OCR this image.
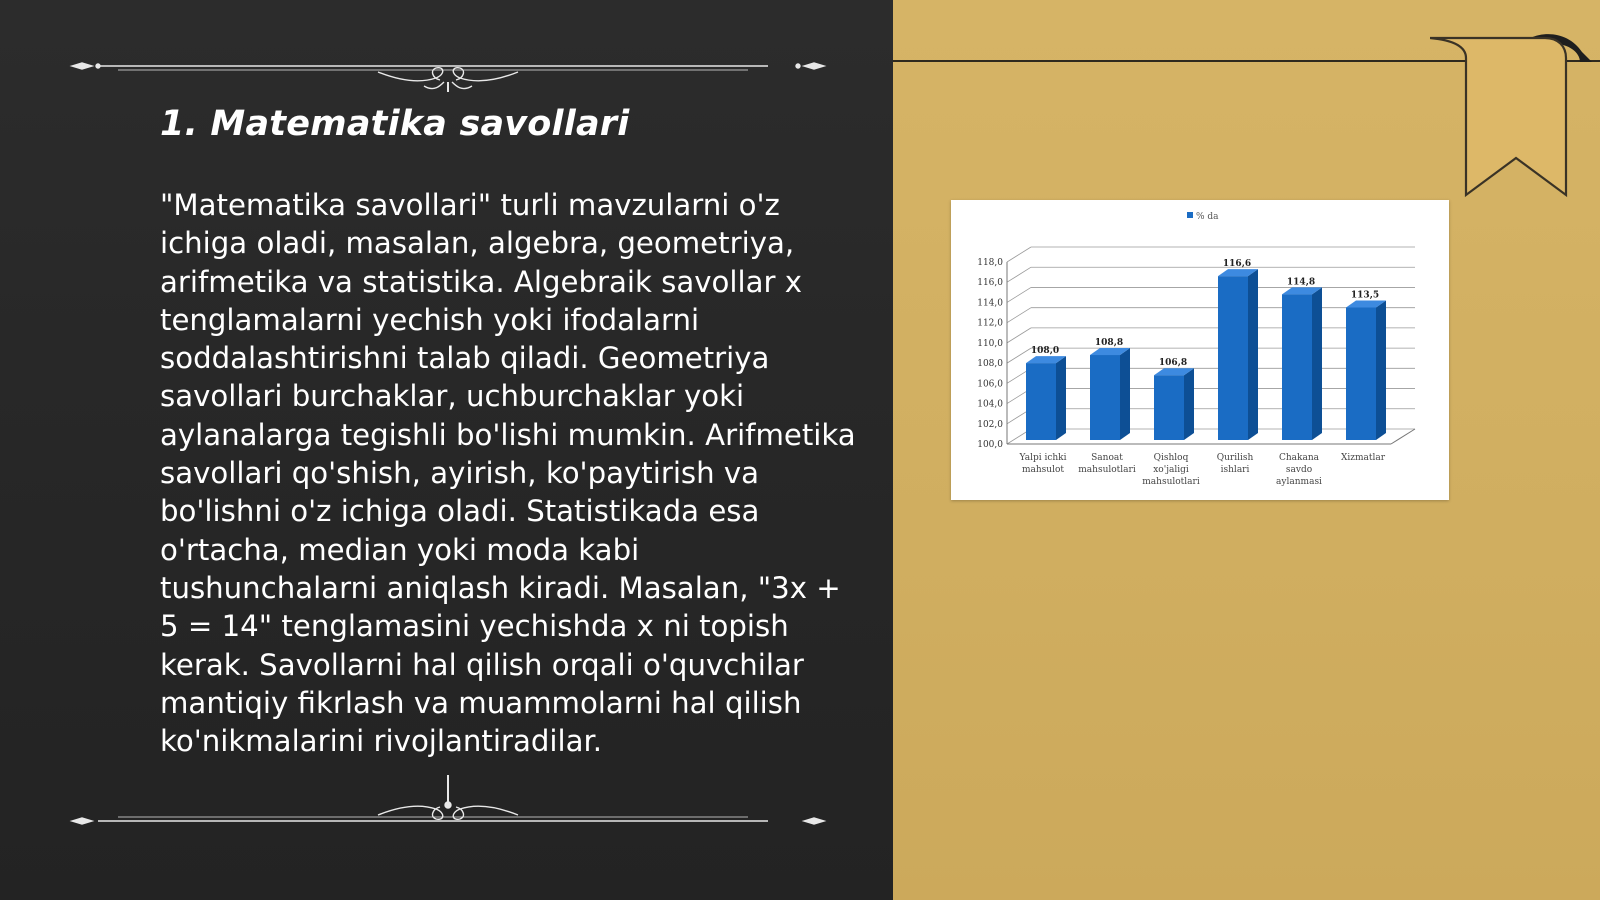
1. Matematika savollari

"Matematika savollari" turli mavzularni o'z ichiga oladi, masalan, algebra, geometriya, arifmetika va statistika. Algebraik savollar x tenglamalarni yechish yoki ifodalarni soddalashtirishni talab qiladi. Geometriya savollari burchaklar, uchburchaklar yoki aylanalarga tegishli bo'lishi mumkin. Arifmetika savollari qo'shish, ayirish, ko'paytirish va bo'lishni o'z ichiga oladi. Statistikada esa o'rtacha, median yoki moda kabi tushunchalarni aniqlash kiradi. Masalan, "3x + 5 = 14" tenglamasini yechishda x ni topish kerak. Savollarni hal qilish orqali o'quvchilar mantiqiy fikrlash va muammolarni hal qilish ko'nikmalarini rivojlantiradilar.

% da
100,0
102,0
104,0
106,0
108,0
110,0
112,0
114,0
116,0
118,0
108,0
Yalpi ichki
mahsulot
108,8
Sanoat
mahsulotlari
106,8
Qishloq
xo'jaligi
mahsulotlari
116,6
Qurilish
ishlari
114,8
Chakana
savdo
aylanmasi
113,5
Xizmatlar
